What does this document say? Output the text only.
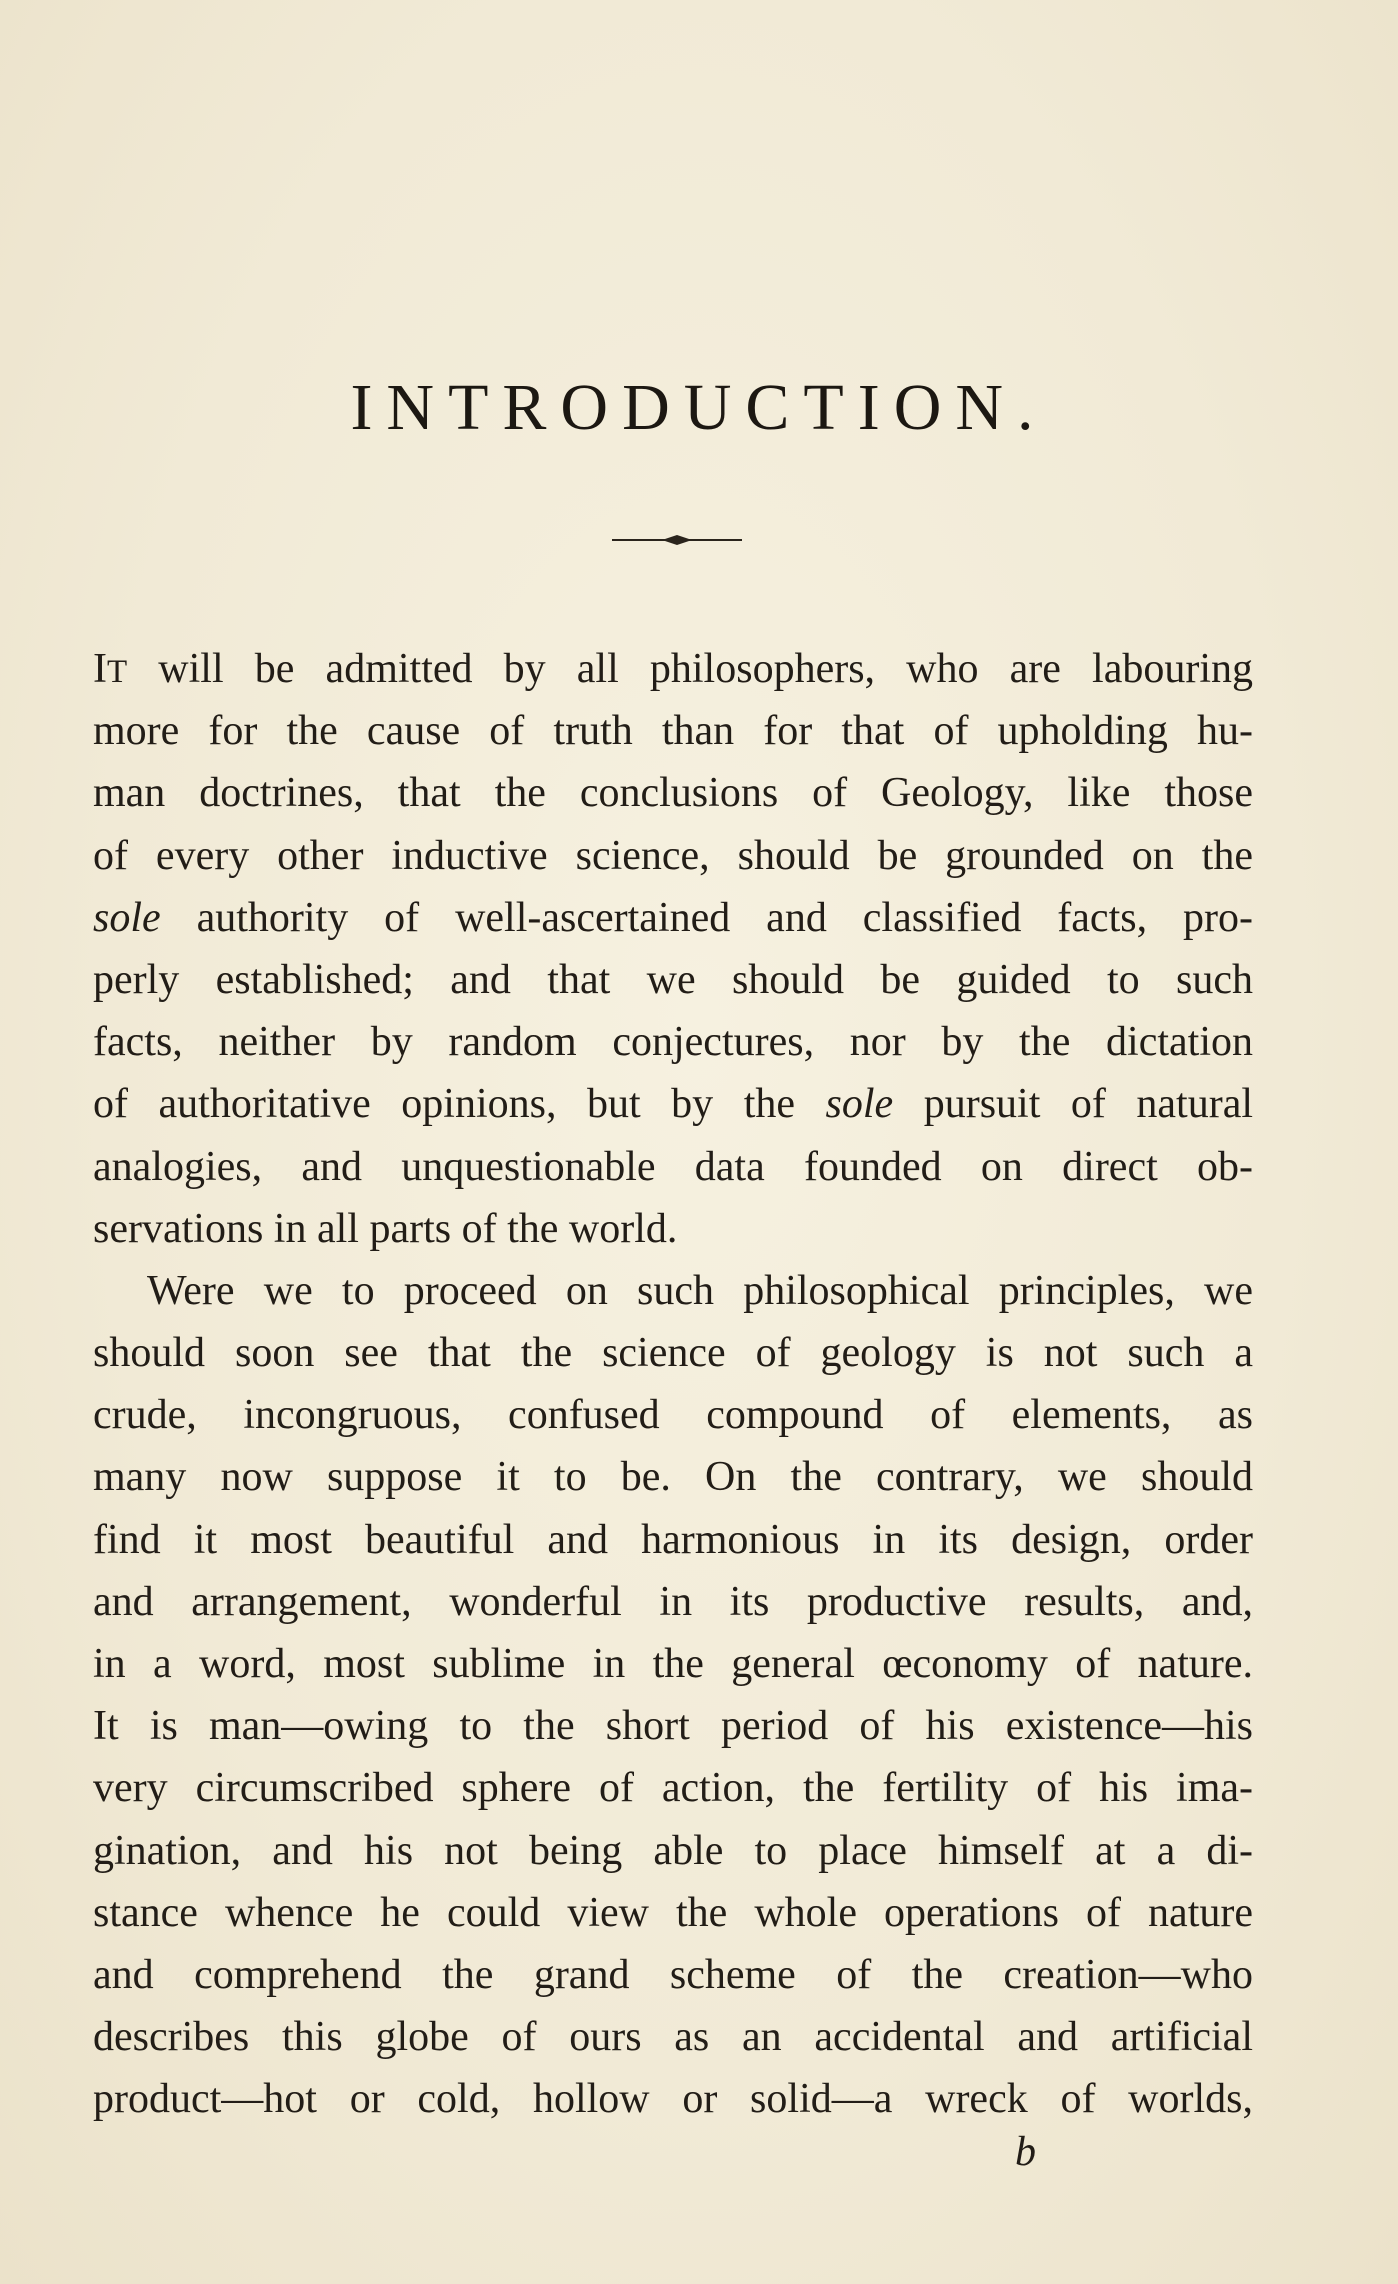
INTRODUCTION.
IT will be admitted by all philosophers, who are labouring
more for the cause of truth than for that of upholding hu-
man doctrines, that the conclusions of Geology, like those
of every other inductive science, should be grounded on the
sole authority of well-ascertained and classified facts, pro-
perly established; and that we should be guided to such
facts, neither by random conjectures, nor by the dictation
of authoritative opinions, but by the sole pursuit of natural
analogies, and unquestionable data founded on direct ob-
servations in all parts of the world.
Were we to proceed on such philosophical principles, we
should soon see that the science of geology is not such a
crude, incongruous, confused compound of elements, as
many now suppose it to be. On the contrary, we should
find it most beautiful and harmonious in its design, order
and arrangement, wonderful in its productive results, and,
in a word, most sublime in the general œconomy of nature.
It is man—owing to the short period of his existence—his
very circumscribed sphere of action, the fertility of his ima-
gination, and his not being able to place himself at a di-
stance whence he could view the whole operations of nature
and comprehend the grand scheme of the creation—who
describes this globe of ours as an accidental and artificial
product—hot or cold, hollow or solid—a wreck of worlds,
b
